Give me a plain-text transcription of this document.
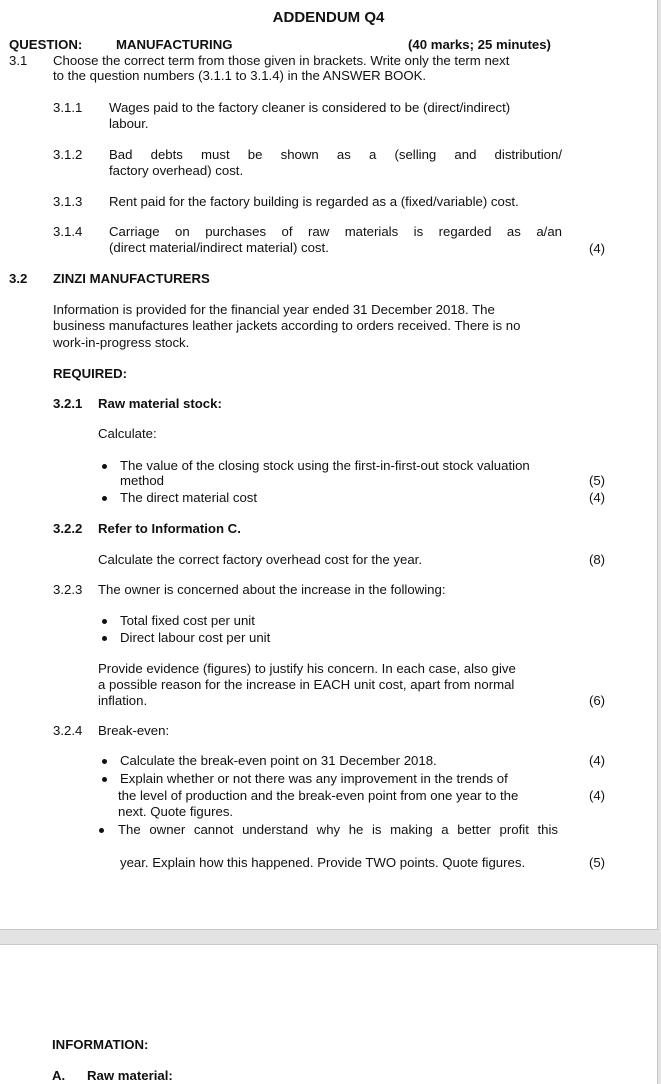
ADDENDUM Q4
QUESTION:	MANUFACTURING	(40 marks; 25 minutes)
3.1 Choose the correct term from those given in brackets. Write only the term next
to the question numbers (3.1.1 to 3.1.4) in the ANSWER BOOK.
3.1.1 Wages paid to the factory cleaner is considered to be (direct/indirect)
labour.
3.1.2 Bad debts must be shown as a (selling and distribution/
factory overhead) cost.
3.1.3 Rent paid for the factory building is regarded as a (fixed/variable) cost.
3.1.4 Carriage on purchases of raw materials is regarded as a/an
(direct material/indirect material) cost.	(4)
3.2 ZINZI MANUFACTURERS
Information is provided for the financial year ended 31 December 2018. The
business manufactures leather jackets according to orders received. There is no
work-in-progress stock.
REQUIRED:
3.2.1 Raw material stock:
Calculate:
The value of the closing stock using the first-in-first-out stock valuation
method	(5)
The direct material cost	(4)
3.2.2 Refer to Information C.
Calculate the correct factory overhead cost for the year.	(8)
3.2.3 The owner is concerned about the increase in the following:
Total fixed cost per unit
Direct labour cost per unit
Provide evidence (figures) to justify his concern. In each case, also give
a possible reason for the increase in EACH unit cost, apart from normal
inflation.	(6)
3.2.4 Break-even:
Calculate the break-even point on 31 December 2018.	(4)
Explain whether or not there was any improvement in the trends of
the level of production and the break-even point from one year to the
next. Quote figures.
(4)
The owner cannot understand why he is making a better profit this
year. Explain how this happened. Provide TWO points. Quote figures.	(5)
INFORMATION:
A. Raw material:
